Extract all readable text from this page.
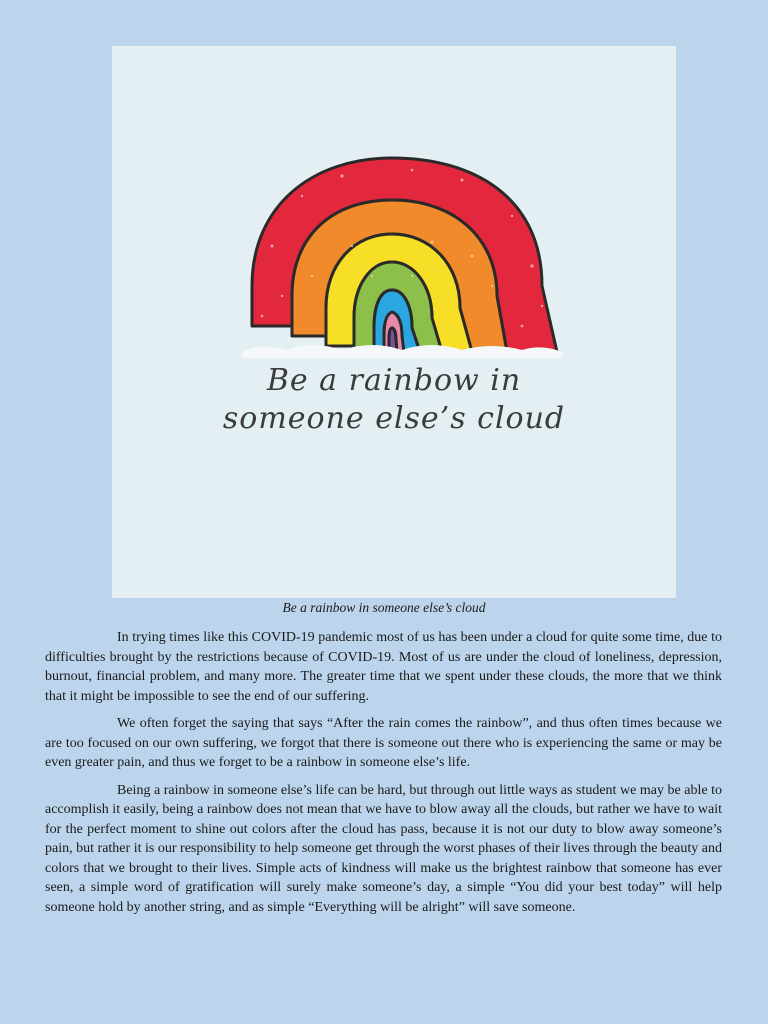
Be a rainbow in
someone else’s cloud
Be a rainbow in someone else’s cloud

In trying times like this COVID-19 pandemic most of us has been under a cloud for quite some time, due to difficulties brought by the restrictions because of COVID-19. Most of us are under the cloud of loneliness, depression, burnout, financial problem, and many more. The greater time that we spent under these clouds, the more that we think that it might be impossible to see the end of our suffering.

We often forget the saying that says “After the rain comes the rainbow”, and thus often times because we are too focused on our own suffering, we forgot that there is someone out there who is experiencing the same or may be even greater pain, and thus we forget to be a rainbow in someone else’s life.

Being a rainbow in someone else’s life can be hard, but through out little ways as student we may be able to accomplish it easily, being a rainbow does not mean that we have to blow away all the clouds, but rather we have to wait for the perfect moment to shine out colors after the cloud has pass, because it is not our duty to blow away someone’s pain, but rather it is our responsibility to help someone get through the worst phases of their lives through the beauty and colors that we brought to their lives. Simple acts of kindness will make us the brightest rainbow that someone has ever seen, a simple word of gratification will surely make someone’s day, a simple “You did your best today” will help someone hold by another string, and as simple “Everything will be alright” will save someone.
